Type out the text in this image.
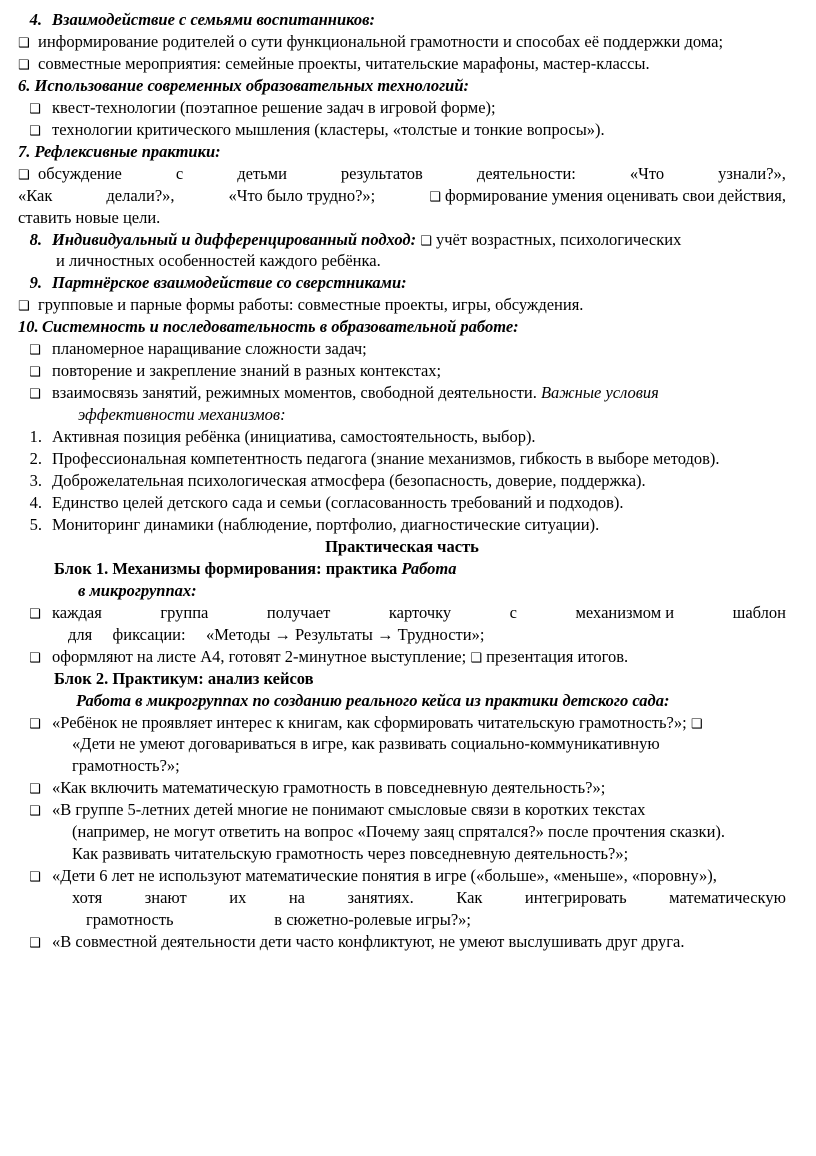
4. Взаимодействие с семьями воспитанников:
❑ информирование родителей о сути функциональной грамотности и способах её поддержки дома;
❑ совместные мероприятия: семейные проекты, читательские марафоны, мастер-классы.
6. Использование современных образовательных технологий:
❑ квест-технологии (поэтапное решение задач в игровой форме);
❑ технологии критического мышления (кластеры, «толстые и тонкие вопросы»).
7. Рефлексивные практики:
❑ обсуждение	с	детьми	результатов	деятельности:	«Что	узнали?»,
«Как	делали?»,	«Что было трудно?»;	❑ формирование умения оценивать свои действия,
ставить новые цели.
8. Индивидуальный и дифференцированный подход: ❑ учёт возрастных, психологических
и личностных особенностей каждого ребёнка.
9. Партнёрское взаимодействие со сверстниками:
❑ групповые и парные формы работы: совместные проекты, игры, обсуждения.
10. Системность и последовательность в образовательной работе:
❑ планомерное наращивание сложности задач;
❑ повторение и закрепление знаний в разных контекстах;
❑ взаимосвязь занятий, режимных моментов, свободной деятельности. Важные условия
эффективности механизмов:
1. Активная позиция ребёнка (инициатива, самостоятельность, выбор).
2. Профессиональная компетентность педагога (знание механизмов, гибкость в выборе методов).
3. Доброжелательная психологическая атмосфера (безопасность, доверие, поддержка).
4. Единство целей детского сада и семьи (согласованность требований и подходов).
5. Мониторинг динамики (наблюдение, портфолио, диагностические ситуации).
Практическая часть
Блок 1. Механизмы формирования: практика Работа
в микрогруппах:
❑ каждая	группа	получает	карточку	с	механизмом и	шаблон
для фиксации: «Методы → Результаты → Трудности»;
❑ оформляют на листе А4, готовят 2-минутное выступление; ❑ презентация итогов.
Блок 2. Практикум: анализ кейсов
Работа в микрогруппах по созданию реального кейса из практики детского сада:
❑ «Ребёнок не проявляет интерес к книгам, как сформировать читательскую грамотность?»; ❑
«Дети не умеют договариваться в игре, как развивать социально-коммуникативную
грамотность?»;
❑ «Как включить математическую грамотность в повседневную деятельность?»;
❑ «В группе 5-летних детей многие не понимают смысловые связи в коротких текстах
(например, не могут ответить на вопрос «Почему заяц спрятался?» после прочтения сказки).
Как развивать читательскую грамотность через повседневную деятельность?»;
❑ «Дети 6 лет не используют математические понятия в игре («больше», «меньше», «поровну»),
хотя	знают	их	на	занятиях.	Как	интегрировать	математическую
грамотность	в сюжетно-ролевые игры?»;
❑ «В совместной деятельности дети часто конфликтуют, не умеют выслушивать друг друга.
